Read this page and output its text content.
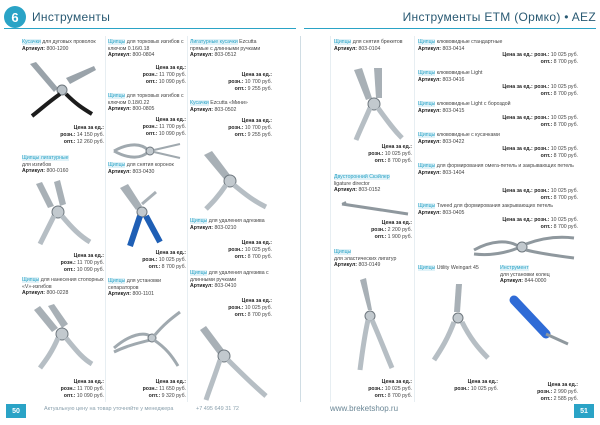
6	Инструменты	Инструменты ETM (Ормко) • AEZ
Кусачки для дуговых проволок
Артикул: 800-1200
Цена за ед.:
розн.: 14 150 руб.
опт.: 12 260 руб.
Щипцы лигатурные
для изгибов
Артикул: 800-0160
Цена за ед.:
розн.: 11 700 руб.
опт.: 10 090 руб.
Щипцы для нанесения стопорных «V»-изгибов
Артикул: 800-0228
Цена за ед.:
розн.: 11 700 руб.
опт.: 10 090 руб.
Щипцы для торковых изгибов с ключом 0.16/0.18
Артикул: 800-0804
Цена за ед.:
розн.: 11 700 руб.
опт.: 10 090 руб.
Щипцы для торковых изгибов с ключом 0.18/0.22
Артикул: 800-0805
Цена за ед.:
розн.: 11 700 руб.
опт.: 10 090 руб.
Щипцы для снятия коронок
Артикул: 803-0430
Цена за ед.:
розн.: 10 025 руб.
опт.: 8 700 руб.
Щипцы для установки сепараторов
Артикул: 800-1101
Цена за ед.:
розн.: 11 650 руб.
опт.: 9 320 руб.
Лигатурные кусачки Ezcutta прямые с длинными ручками
Артикул: 803-0512
Цена за ед.:
розн.: 10 700 руб.
опт.: 9 255 руб.
Кусачки Ezcutta «Мини»
Артикул: 803-0502
Цена за ед.:
розн.: 10 700 руб.
опт.: 9 255 руб.
Щипцы для удаления адгезива
Артикул: 803-0210
Цена за ед.:
розн.: 10 025 руб.
опт.: 8 700 руб.
Щипцы для удаления адгезива с длинными ручками
Артикул: 803-0410
Цена за ед.:
розн.: 10 025 руб.
опт.: 8 700 руб.
Щипцы для снятия брекетов
Артикул: 803-0104
Цена за ед.:
розн.: 10 025 руб.
опт.: 8 700 руб.
Двусторонний Скэйлер
ligature director
Артикул: 803-0152
Цена за ед.:
розн.: 2 200 руб.
опт.: 1 900 руб.
Щипцы
для эластических лигатур
Артикул: 803-0149
Цена за ед.:
розн.: 10 025 руб.
опт.: 8 700 руб.
Щипцы клювовидные стандартные
Артикул: 803-0414
Цена за ед.: розн.: 10 025 руб.
опт.: 8 700 руб.
Щипцы клювовидные Light
Артикул: 803-0416
Цена за ед.: розн.: 10 025 руб.
опт.: 8 700 руб.
Щипцы клювовидные Light с бороздой
Артикул: 803-0415
Цена за ед.: розн.: 10 025 руб.
опт.: 8 700 руб.
Щипцы клювовидные с кусачками
Артикул: 803-0422
Цена за ед.: розн.: 10 025 руб.
опт.: 8 700 руб.
Щипцы для формирования омега-петель и закрывающих петель
Артикул: 803-1404
Цена за ед.: розн.: 10 025 руб.
опт.: 8 700 руб.
Щипцы Тweed для формирования закрывающих петель
Артикул: 803-0405
Цена за ед.: розн.: 10 025 руб.
опт.: 8 700 руб.
Щипцы Utility Weingart 45
Цена за ед.:
розн.: 10 025 руб.
Инструмент
для установки колец
Артикул: 844-0000
Цена за ед.:
розн.: 2 990 руб.
опт.: 2 585 руб.
50	Актуальную цену на товар уточняйте у менеджера	+7 495 649 31 72	www.breketshop.ru	51
